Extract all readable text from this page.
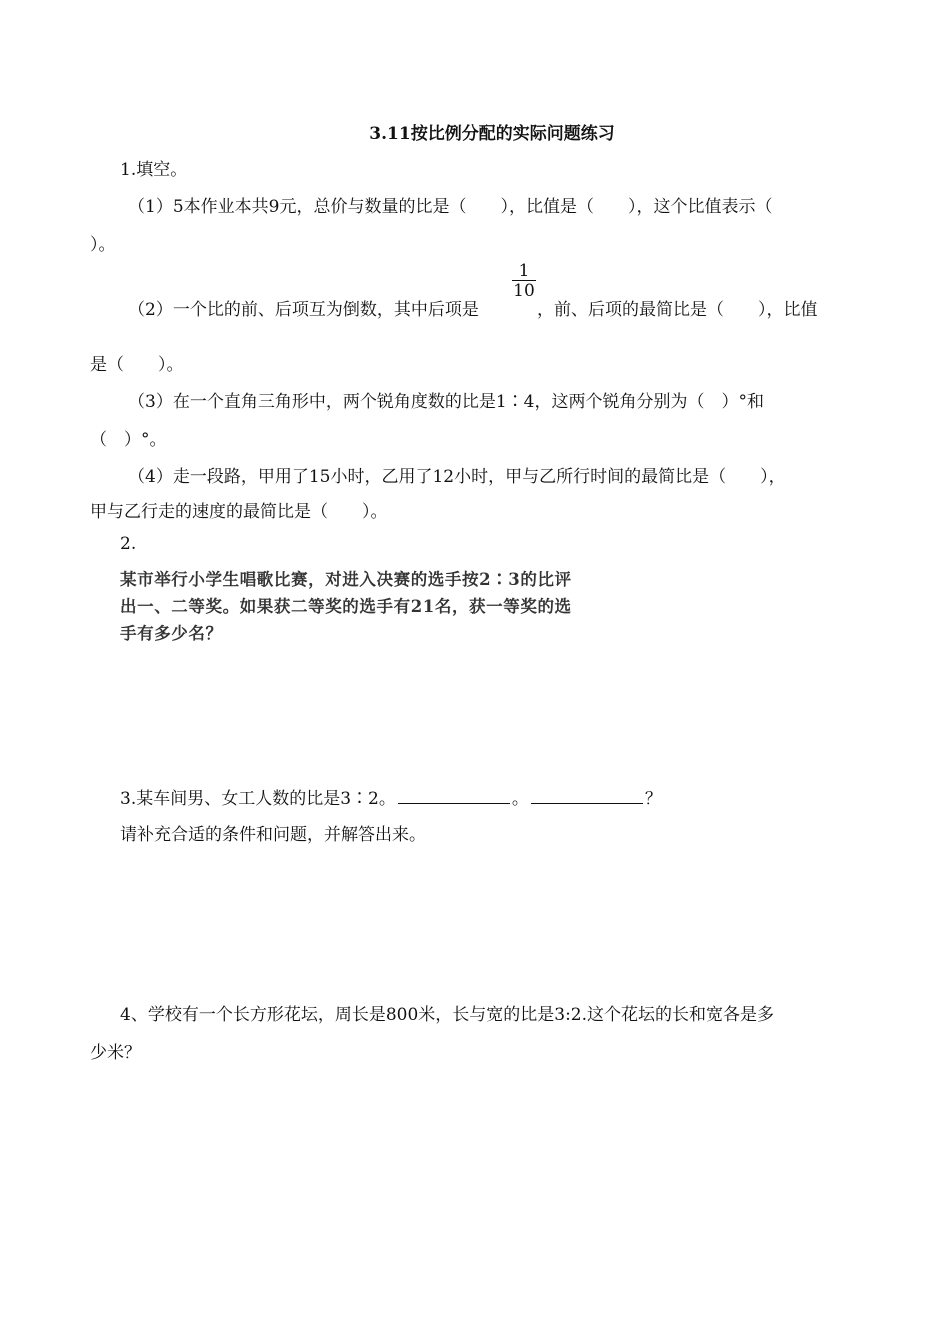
3.11按比例分配的实际问题练习
1.填空。
（1）5本作业本共9元，总价与数量的比是（　　），比值是（　　），这个比值表示（
）。
$\frac{1}{10}$
（2）一个比的前、后项互为倒数，其中后项是	，前、后项的最简比是（　　），比值
是（　　）。
（3）在一个直角三角形中，两个锐角度数的比是1∶4，这两个锐角分别为（　）°和
（　）°。
（4）走一段路，甲用了15小时，乙用了12小时，甲与乙所行时间的最简比是（　　），
甲与乙行走的速度的最简比是（　　）。
2.
某市举行小学生唱歌比赛，对进入决赛的选手按2∶3的比评
出一、二等奖。如果获二等奖的选手有21名，获一等奖的选
手有多少名？
3.某车间男、女工人数的比是3∶2。	。	？
请补充合适的条件和问题，并解答出来。
4、学校有一个长方形花坛，周长是800米，长与宽的比是3:2.这个花坛的长和宽各是多
少米？
